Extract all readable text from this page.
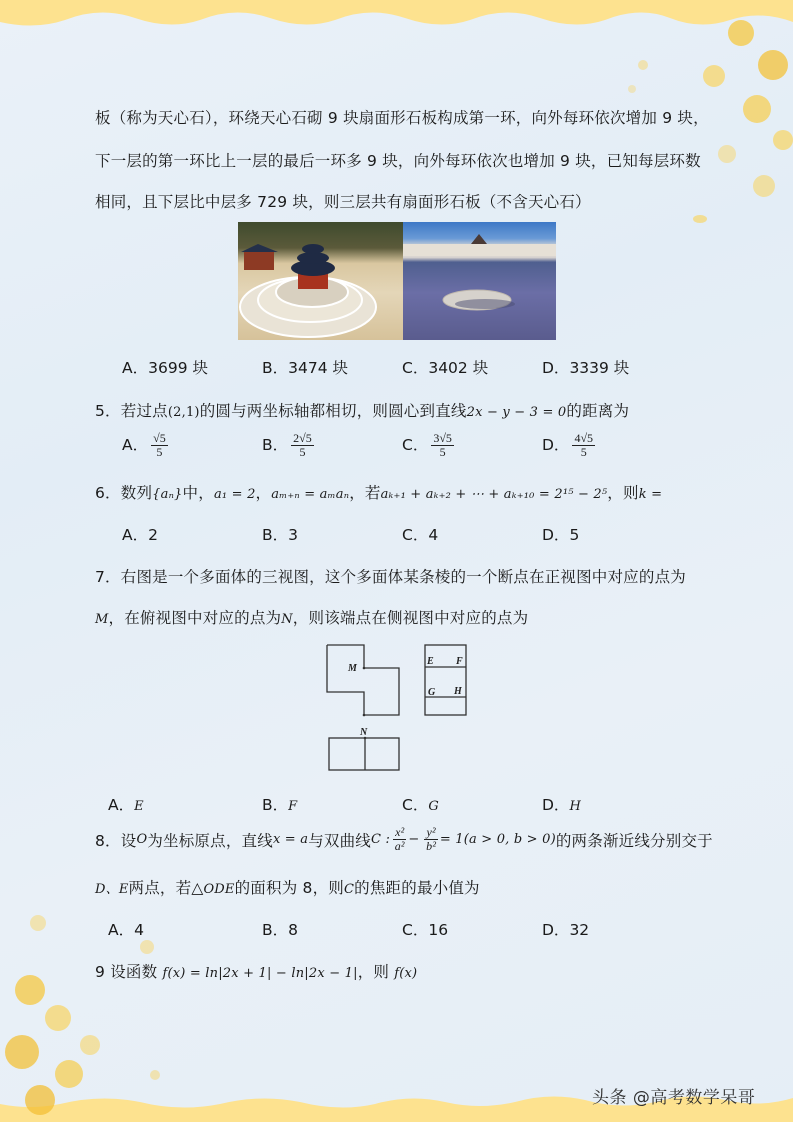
板（称为天心石），环绕天心石砌 9 块扇面形石板构成第一环，向外每环依次增加 9 块，
下一层的第一环比上一层的最后一环多 9 块，向外每环依次也增加 9 块，已知每层环数
相同，且下层比中层多 729 块，则三层共有扇面形石板（不含天心石）
A．3699 块	B．3474 块	C．3402 块	D．3339 块
5．若过点(2,1)的圆与两坐标轴都相切，则圆心到直线2x − y − 3 = 0的距离为
A． $\frac{√5}{5}$	B． $\frac{2√5}{5}$	C． $\frac{3√5}{5}$	D． $\frac{4√5}{5}$
6．数列{aₙ}中，a₁ = 2，aₘ₊ₙ = aₘaₙ，若aₖ₊₁ + aₖ₊₂ + ⋯ + aₖ₊₁₀ = 2¹⁵ − 2⁵，则k =
A．2	B．3	C．4	D．5
7．右图是一个多面体的三视图，这个多面体某条棱的一个断点在正视图中对应的点为
M，在俯视图中对应的点为N，则该端点在侧视图中对应的点为
M
E F
G H
N
A．E	B．F	C．G	D．H
8．设 O 为坐标原点，直线 x = a 与双曲线 C : $\frac{\text{x²}}{\text{a²}} - \frac{\text{y²}}{\text{b²}} = 1(a > 0$, b > 0) 的两条渐近线分别交于
D、E两点，若△ODE的面积为 8，则C的焦距的最小值为
A．4	B．8	C．16	D．32
9 设函数 f(x) = ln|2x + 1| − ln|2x − 1|，则 f(x)
头条 @高考数学呆哥
